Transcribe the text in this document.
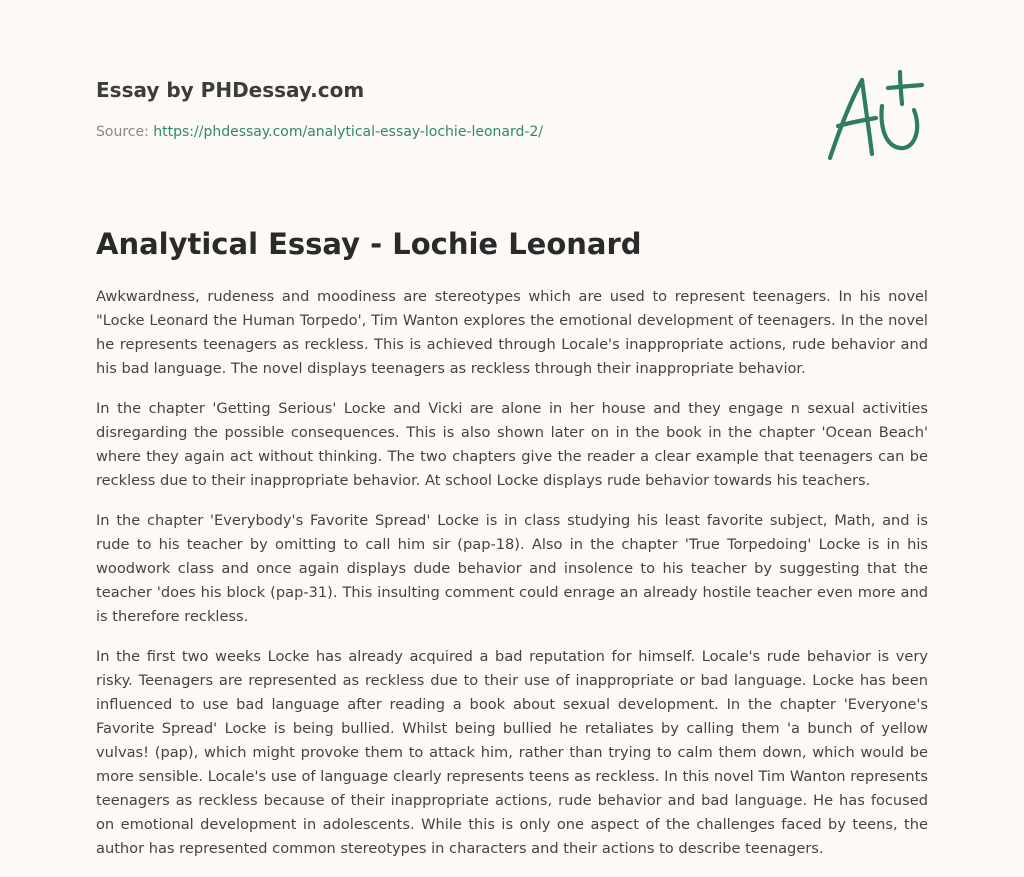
Essay by PHDessay.com
Source: https://phdessay.com/analytical-essay-lochie-leonard-2/
Analytical Essay - Lochie Leonard

Awkwardness, rudeness and moodiness are stereotypes which are used to represent teenagers. In his novel "Locke Leonard the Human Torpedo', Tim Wanton explores the emotional development of teenagers. In the novel he represents teenagers as reckless. This is achieved through Locale's inappropriate actions, rude behavior and his bad language. The novel displays teenagers as reckless through their inappropriate behavior.

In the chapter 'Getting Serious' Locke and Vicki are alone in her house and they engage n sexual activities disregarding the possible consequences. This is also shown later on in the book in the chapter 'Ocean Beach' where they again act without thinking. The two chapters give the reader a clear example that teenagers can be reckless due to their inappropriate behavior. At school Locke displays rude behavior towards his teachers.

In the chapter 'Everybody's Favorite Spread' Locke is in class studying his least favorite subject, Math, and is rude to his teacher by omitting to call him sir (pap-18). Also in the chapter 'True Torpedoing' Locke is in his woodwork class and once again displays dude behavior and insolence to his teacher by suggesting that the teacher 'does his block (pap-31). This insulting comment could enrage an already hostile teacher even more and is therefore reckless.

In the first two weeks Locke has already acquired a bad reputation for himself. Locale's rude behavior is very risky. Teenagers are represented as reckless due to their use of inappropriate or bad language. Locke has been influenced to use bad language after reading a book about sexual development. In the chapter 'Everyone's Favorite Spread' Locke is being bullied. Whilst being bullied he retaliates by calling them 'a bunch of yellow vulvas! (pap), which might provoke them to attack him, rather than trying to calm them down, which would be more sensible. Locale's use of language clearly represents teens as reckless. In this novel Tim Wanton represents teenagers as reckless because of their inappropriate actions, rude behavior and bad language. He has focused on emotional development in adolescents. While this is only one aspect of the challenges faced by teens, the author has represented common stereotypes in characters and their actions to describe teenagers.
